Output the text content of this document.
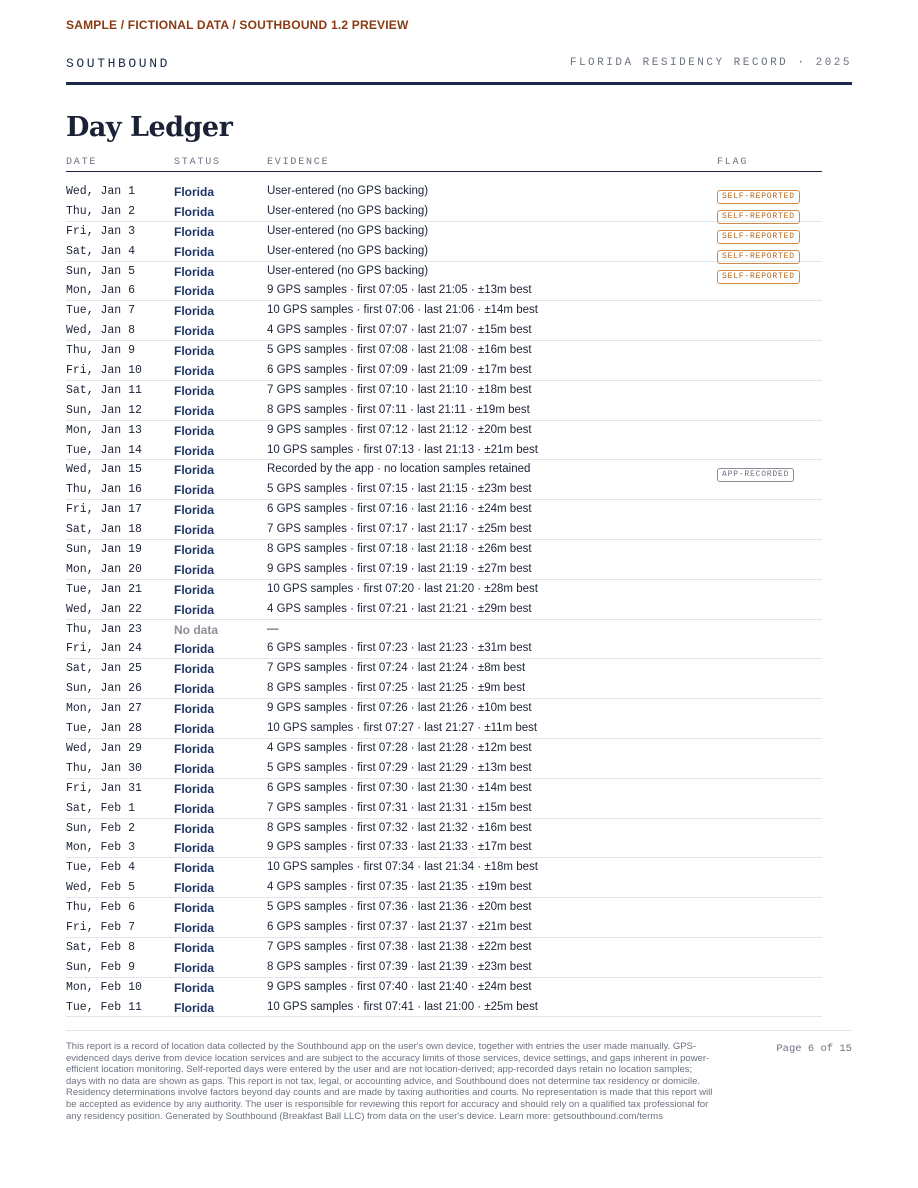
SAMPLE / FICTIONAL DATA / SOUTHBOUND 1.2 PREVIEW
SOUTHBOUND	FLORIDA RESIDENCY RECORD · 2025
Day Ledger
DATE	STATUS	EVIDENCE	FLAG
Wed, Jan 1	Florida	User-entered (no GPS backing)	SELF-REPORTED
Thu, Jan 2	Florida	User-entered (no GPS backing)	SELF-REPORTED
Fri, Jan 3	Florida	User-entered (no GPS backing)	SELF-REPORTED
Sat, Jan 4	Florida	User-entered (no GPS backing)	SELF-REPORTED
Sun, Jan 5	Florida	User-entered (no GPS backing)	SELF-REPORTED
Mon, Jan 6	Florida	9 GPS samples · first 07:05 · last 21:05 · ±13m best
Tue, Jan 7	Florida	10 GPS samples · first 07:06 · last 21:06 · ±14m best
Wed, Jan 8	Florida	4 GPS samples · first 07:07 · last 21:07 · ±15m best
Thu, Jan 9	Florida	5 GPS samples · first 07:08 · last 21:08 · ±16m best
Fri, Jan 10	Florida	6 GPS samples · first 07:09 · last 21:09 · ±17m best
Sat, Jan 11	Florida	7 GPS samples · first 07:10 · last 21:10 · ±18m best
Sun, Jan 12	Florida	8 GPS samples · first 07:11 · last 21:11 · ±19m best
Mon, Jan 13	Florida	9 GPS samples · first 07:12 · last 21:12 · ±20m best
Tue, Jan 14	Florida	10 GPS samples · first 07:13 · last 21:13 · ±21m best
Wed, Jan 15	Florida	Recorded by the app · no location samples retained	APP-RECORDED
Thu, Jan 16	Florida	5 GPS samples · first 07:15 · last 21:15 · ±23m best
Fri, Jan 17	Florida	6 GPS samples · first 07:16 · last 21:16 · ±24m best
Sat, Jan 18	Florida	7 GPS samples · first 07:17 · last 21:17 · ±25m best
Sun, Jan 19	Florida	8 GPS samples · first 07:18 · last 21:18 · ±26m best
Mon, Jan 20	Florida	9 GPS samples · first 07:19 · last 21:19 · ±27m best
Tue, Jan 21	Florida	10 GPS samples · first 07:20 · last 21:20 · ±28m best
Wed, Jan 22	Florida	4 GPS samples · first 07:21 · last 21:21 · ±29m best
Thu, Jan 23	No data	—
Fri, Jan 24	Florida	6 GPS samples · first 07:23 · last 21:23 · ±31m best
Sat, Jan 25	Florida	7 GPS samples · first 07:24 · last 21:24 · ±8m best
Sun, Jan 26	Florida	8 GPS samples · first 07:25 · last 21:25 · ±9m best
Mon, Jan 27	Florida	9 GPS samples · first 07:26 · last 21:26 · ±10m best
Tue, Jan 28	Florida	10 GPS samples · first 07:27 · last 21:27 · ±11m best
Wed, Jan 29	Florida	4 GPS samples · first 07:28 · last 21:28 · ±12m best
Thu, Jan 30	Florida	5 GPS samples · first 07:29 · last 21:29 · ±13m best
Fri, Jan 31	Florida	6 GPS samples · first 07:30 · last 21:30 · ±14m best
Sat, Feb 1	Florida	7 GPS samples · first 07:31 · last 21:31 · ±15m best
Sun, Feb 2	Florida	8 GPS samples · first 07:32 · last 21:32 · ±16m best
Mon, Feb 3	Florida	9 GPS samples · first 07:33 · last 21:33 · ±17m best
Tue, Feb 4	Florida	10 GPS samples · first 07:34 · last 21:34 · ±18m best
Wed, Feb 5	Florida	4 GPS samples · first 07:35 · last 21:35 · ±19m best
Thu, Feb 6	Florida	5 GPS samples · first 07:36 · last 21:36 · ±20m best
Fri, Feb 7	Florida	6 GPS samples · first 07:37 · last 21:37 · ±21m best
Sat, Feb 8	Florida	7 GPS samples · first 07:38 · last 21:38 · ±22m best
Sun, Feb 9	Florida	8 GPS samples · first 07:39 · last 21:39 · ±23m best
Mon, Feb 10	Florida	9 GPS samples · first 07:40 · last 21:40 · ±24m best
Tue, Feb 11	Florida	10 GPS samples · first 07:41 · last 21:00 · ±25m best

This report is a record of location data collected by the Southbound app on the user's own device, together with entries the user made manually. GPS-evidenced days derive from device location services and are subject to the accuracy limits of those services, device settings, and gaps inherent in power-efficient location monitoring. Self-reported days were entered by the user and are not location-derived; app-recorded days retain no location samples; days with no data are shown as gaps. This report is not tax, legal, or accounting advice, and Southbound does not determine tax residency or domicile. Residency determinations involve factors beyond day counts and are made by taxing authorities and courts. No representation is made that this report will be accepted as evidence by any authority. The user is responsible for reviewing this report for accuracy and should rely on a qualified tax professional for any residency position. Generated by Southbound (Breakfast Ball LLC) from data on the user's device. Learn more: getsouthbound.com/terms

Page 6 of 15
